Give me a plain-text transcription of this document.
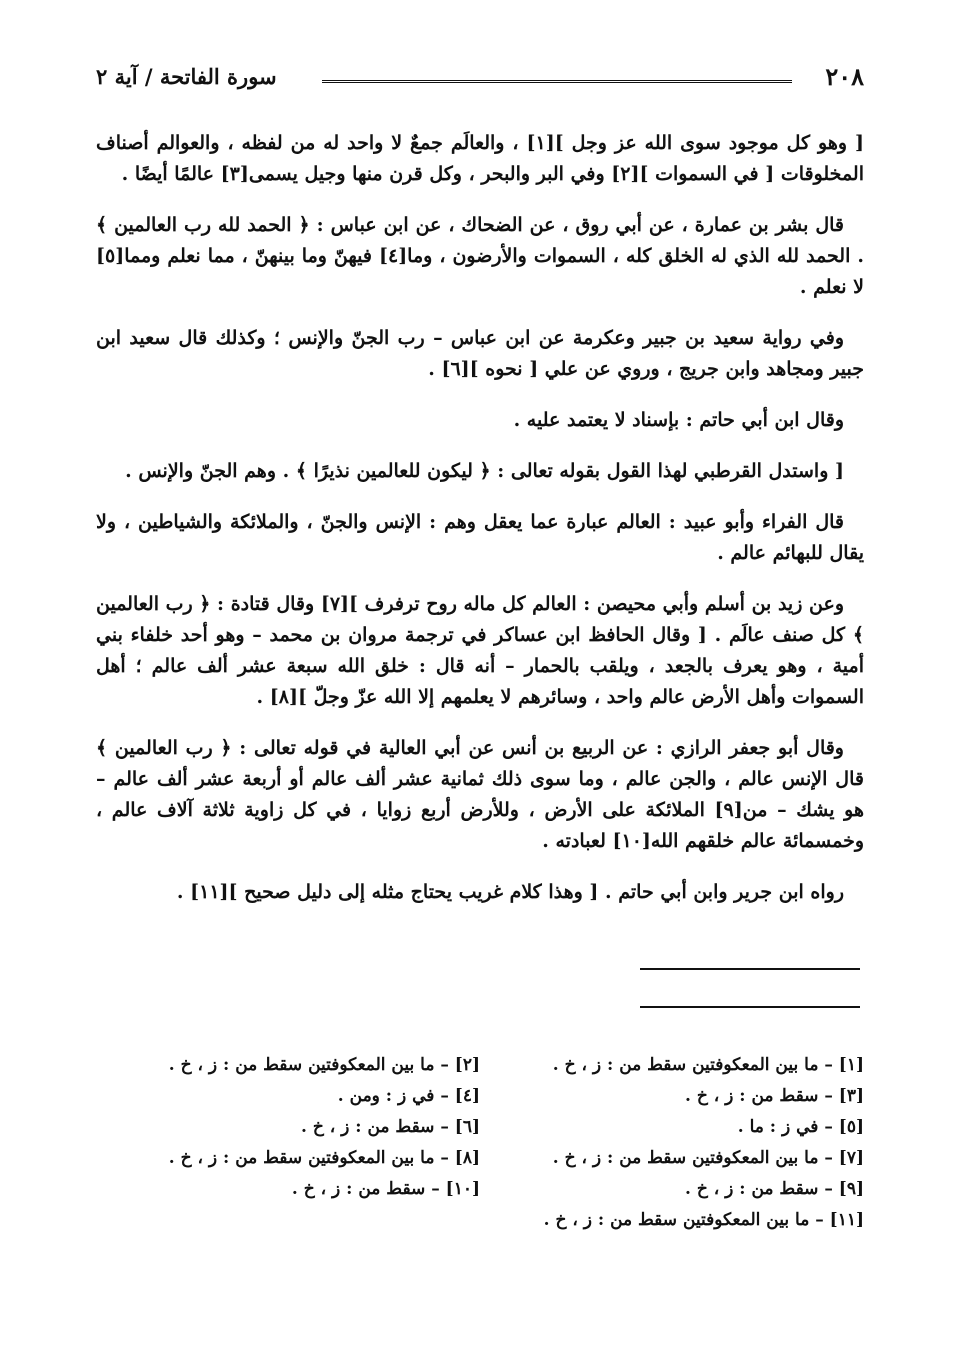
٢٠٨
سورة الفاتحة / آية ٢

[ وهو كل موجود سوى الله عز وجل ][١] ، والعالَم جمعٌ لا واحد له من لفظه ، والعوالم أصناف المخلوقات [ في السموات ][٢] وفي البر والبحر ، وكل قرن منها وجيل يسمى[٣] عالمًا أيضًا .

قال بشر بن عمارة ، عن أبي روق ، عن الضحاك ، عن ابن عباس : ﴿ الحمد لله رب العالمين ﴾ . الحمد لله الذي له الخلق كله ، السموات والأرضون ، وما[٤] فيهنّ وما بينهنّ ، مما نعلم ومما[٥] لا نعلم .

وفي رواية سعيد بن جبير وعكرمة عن ابن عباس – رب الجنّ والإنس ؛ وكذلك قال سعيد ابن جبير ومجاهد وابن جريج ، وروي عن علي [ نحوه ][٦] .

وقال ابن أبي حاتم : بإسناد لا يعتمد عليه .

[ واستدل القرطبي لهذا القول بقوله تعالى : ﴿ ليكون للعالمين نذيرًا ﴾ . وهم الجنّ والإنس .

قال الفراء وأبو عبيد : العالم عبارة عما يعقل وهم : الإنس والجنّ ، والملائكة والشياطين ، ولا يقال للبهائم عالم .

وعن زيد بن أسلم وأبي محيصن : العالم كل ماله روح ترفرف ][٧] وقال قتادة : ﴿ رب العالمين ﴾ كل صنف عالَم . [ وقال الحافظ ابن عساكر في ترجمة مروان بن محمد – وهو أحد خلفاء بني أمية ، وهو يعرف بالجعد ، ويلقب بالحمار – أنه قال : خلق الله سبعة عشر ألف عالم ؛ أهل السموات وأهل الأرض عالم واحد ، وسائرهم لا يعلمهم إلا الله عزّ وجلّ ][٨] .

وقال أبو جعفر الرازي : عن الربيع بن أنس عن أبي العالية في قوله تعالى : ﴿ رب العالمين ﴾ قال الإنس عالم ، والجن عالم ، وما سوى ذلك ثمانية عشر ألف عالم أو أربعة عشر ألف عالم – هو يشك – من[٩] الملائكة على الأرض ، وللأرض أربع زوايا ، في كل زاوية ثلاثة آلاف عالم ، وخمسمائة عالم خلقهم الله[١٠] لعبادته .

رواه ابن جرير وابن أبي حاتم . [ وهذا كلام غريب يحتاج مثله إلى دليل صحيح ][١١] .

[١] – ما بين المعكوفتين سقط من : ز ، خ .
[٢] – ما بين المعكوفتين سقط من : ز ، خ .
[٣] – سقط من : ز ، خ .
[٤] – في ز : ومن .
[٥] – في ز : ما .
[٦] – سقط من : ز ، خ .
[٧] – ما بين المعكوفتين سقط من : ز ، خ .
[٨] – ما بين المعكوفتين سقط من : ز ، خ .
[٩] – سقط من : ز ، خ .
[١٠] – سقط من : ز ، خ .
[١١] – ما بين المعكوفتين سقط من : ز ، خ .
